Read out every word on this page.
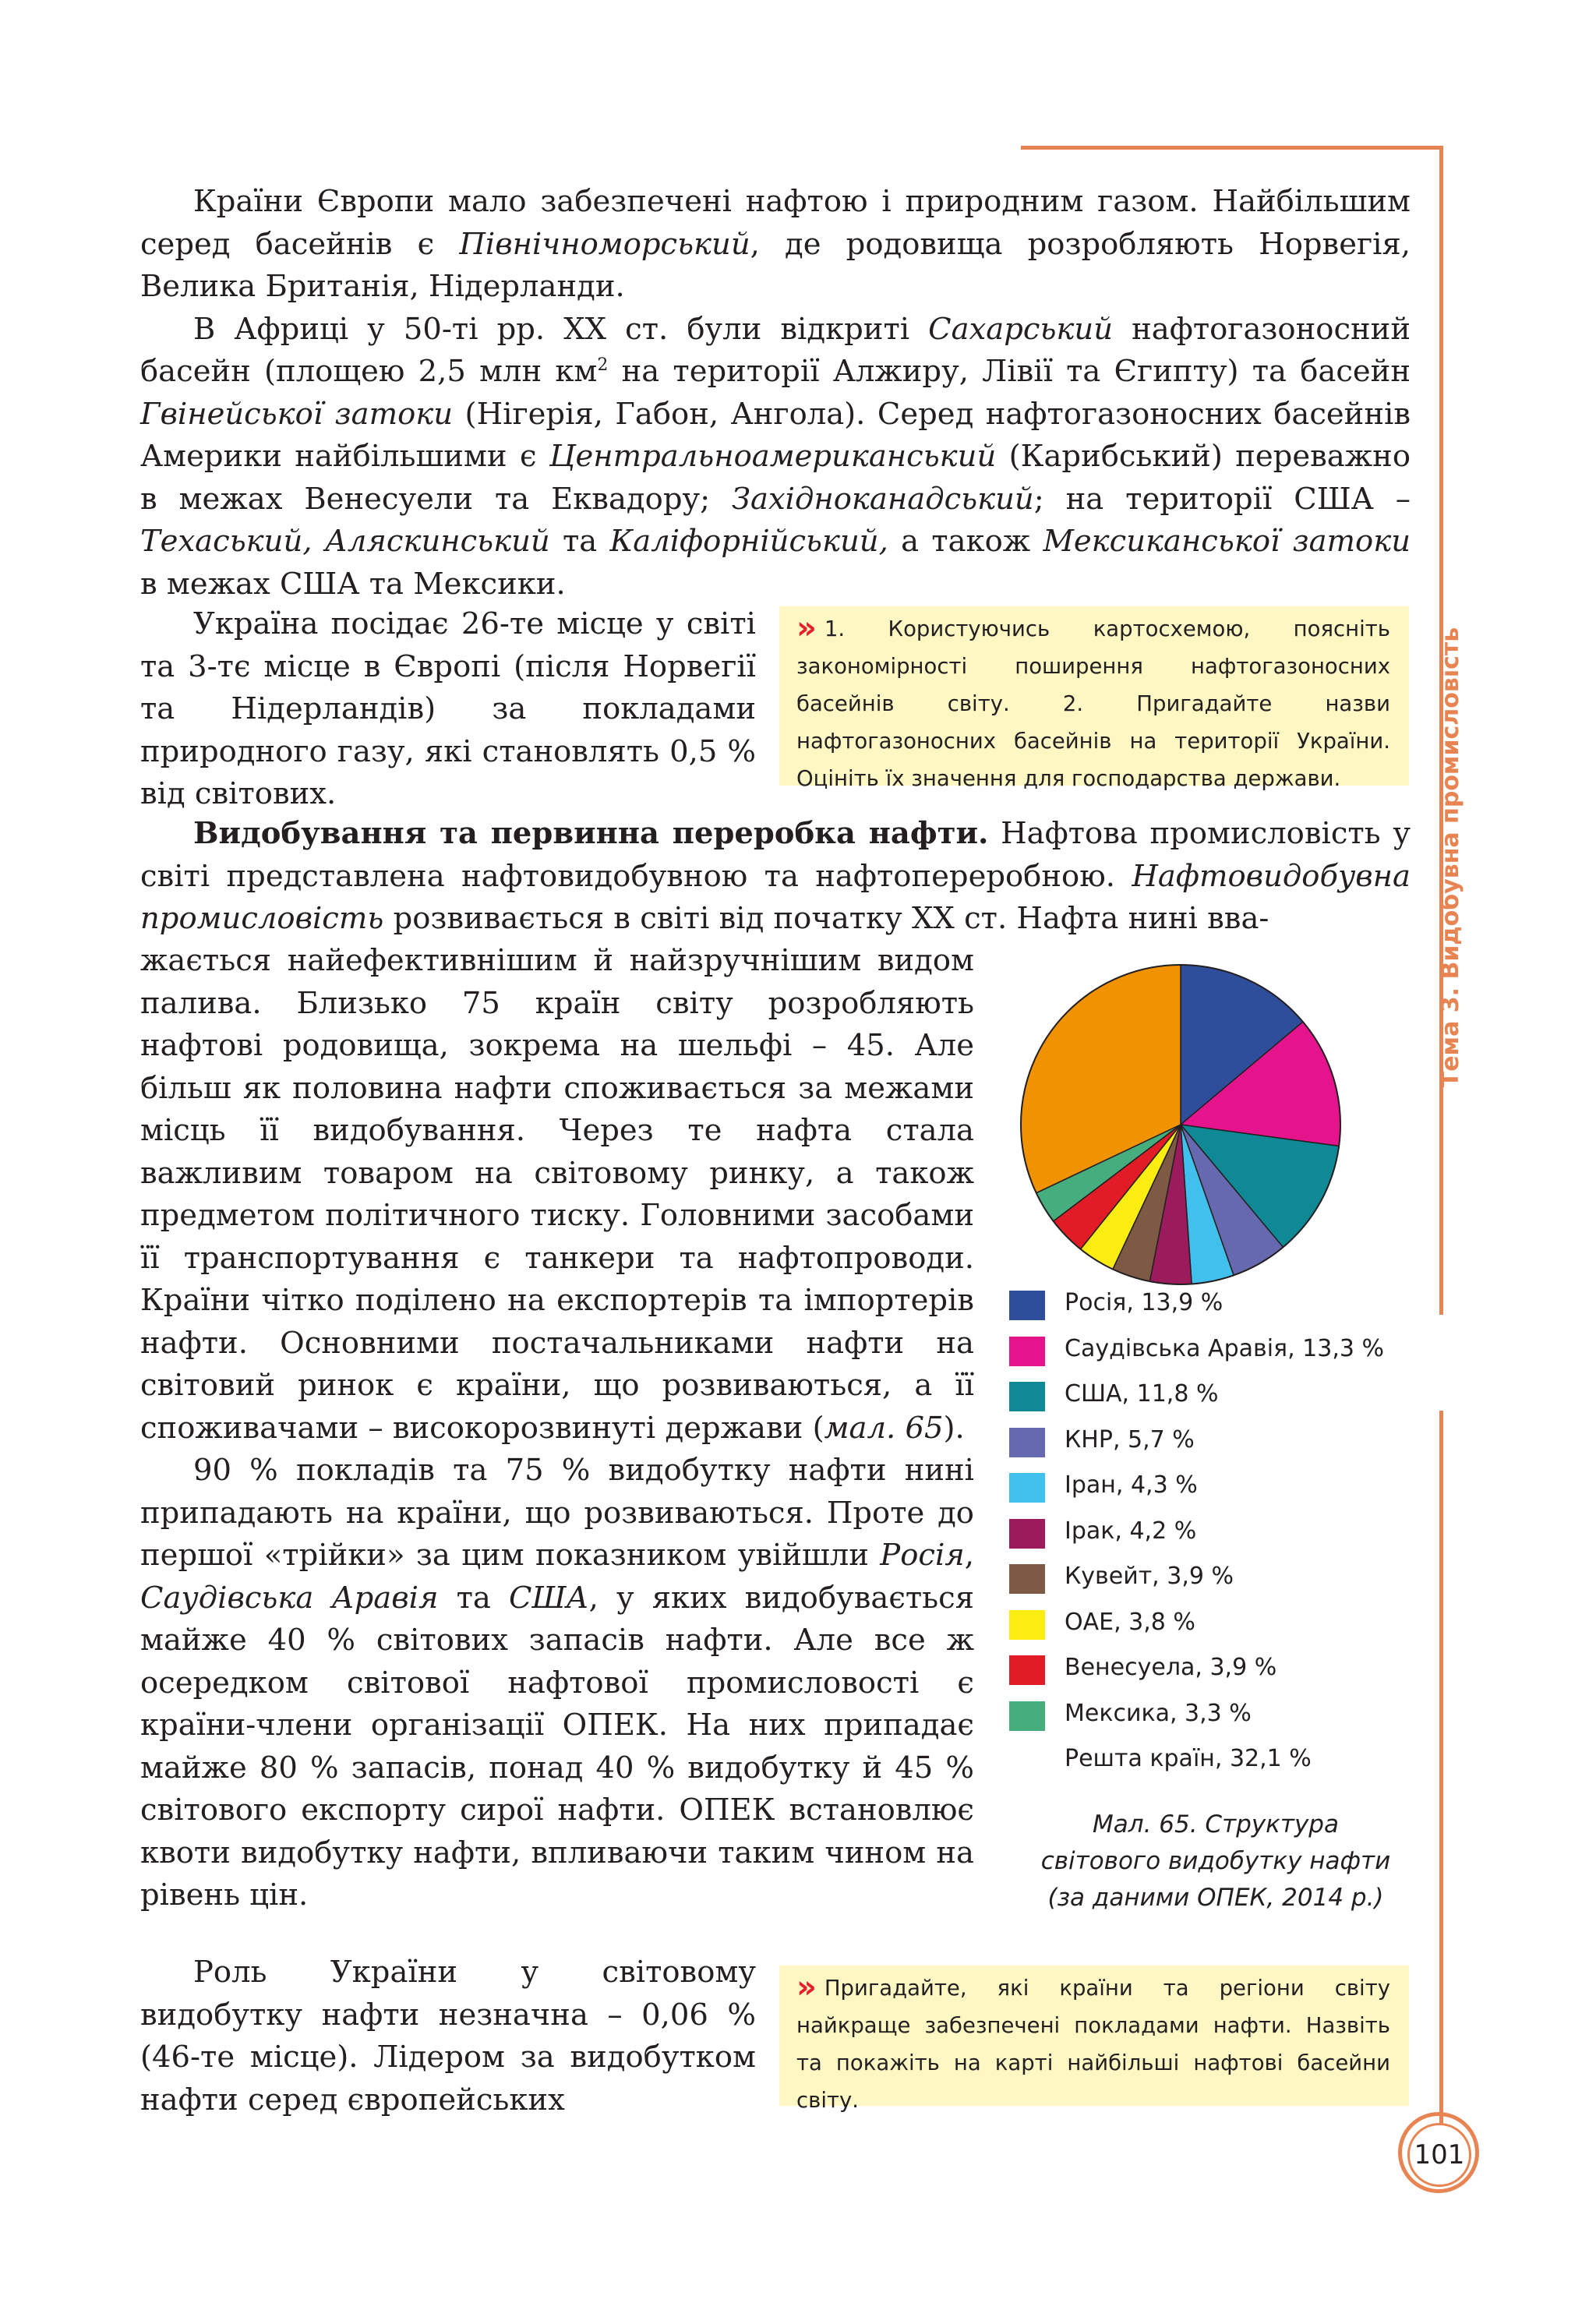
Тема 3. Видобувна промисловість

Країни Європи мало забезпечені нафтою і природним газом. Найбільшим серед басейнів є Північноморський, де родовища розробляють Норвегія, Велика Британія, Нідерланди.

В Африці у 50-ті рр. XX ст. були відкриті Сахарський нафтогазоносний басейн (площею 2,5 млн $км^2$ на території Алжиру, Лівії та Єгипту) та басейн Гвінейської затоки (Нігерія, Габон, Ангола). Серед нафтогазоносних басейнів Америки найбільшими є Центральноамериканський (Карибський) переважно в межах Венесуели та Еквадору; Західноканадський; на території США – Техаський, Аляскинський та Каліфорнійський, а також Мексиканської затоки в межах США та Мексики.

Україна посідає 26-те місце у світі та 3-тє місце в Європі (після Норвегії та Нідерландів) за покладами природного газу, які становлять 0,5 % від світових.

» 1. Користуючись картосхемою, поясніть закономірності поширення нафтогазоносних басейнів світу. 2. Пригадайте назви нафтогазоносних басейнів на території України. Оцініть їх значення для господарства держави.

Видобування та первинна переробка нафти. Нафтова промисловість у світі представлена нафтовидобувною та нафтопереробною. Нафтовидобувна промисловість розвивається в світі від початку XX ст. Нафта нині вва-

жається найефективнішим й найзручнішим видом палива. Близько 75 країн світу розробляють нафтові родовища, зокрема на шельфі – 45. Але більш як половина нафти споживається за межами місць її видобування. Через те нафта стала важливим товаром на світовому ринку, а також предметом політичного тиску. Головними засобами її транспортування є танкери та нафтопроводи. Країни чітко поділено на експортерів та імпортерів нафти. Основними постачальниками нафти на світовий ринок є країни, що розвиваються, а її споживачами – високорозвинуті держави (мал. 65).

90 % покладів та 75 % видобутку нафти нині припадають на країни, що розвиваються. Проте до першої «трійки» за цим показником увійшли Росія, Саудівська Аравія та США, у яких видобувається майже 40 % світових запасів нафти. Але все ж осередком світової нафтової промисловості є країни-члени організації ОПЕК. На них припадає майже 80 % запасів, понад 40 % видобутку й 45 % світового експорту сирої нафти. ОПЕК встановлює квоти видобутку нафти, впливаючи таким чином на рівень цін.

Роль України у світовому видобутку нафти незначна – 0,06 % (46-те місце). Лідером за видобутком нафти серед європейських

» Пригадайте, які країни та регіони світу найкраще забезпечені покладами нафти. Назвіть та покажіть на карті найбільші нафтові басейни світу.
Росія, 13,9 %
Саудівська Аравія, 13,3 %
США, 11,8 %
КНР, 5,7 %
Іран, 4,3 %
Ірак, 4,2 %
Кувейт, 3,9 %
ОАЕ, 3,8 %
Венесуела, 3,9 %
Мексика, 3,3 %
Решта країн, 32,1 %
Мал. 65. Структура
світового видобутку нафти
(за даними ОПЕК, 2014 р.)
101
